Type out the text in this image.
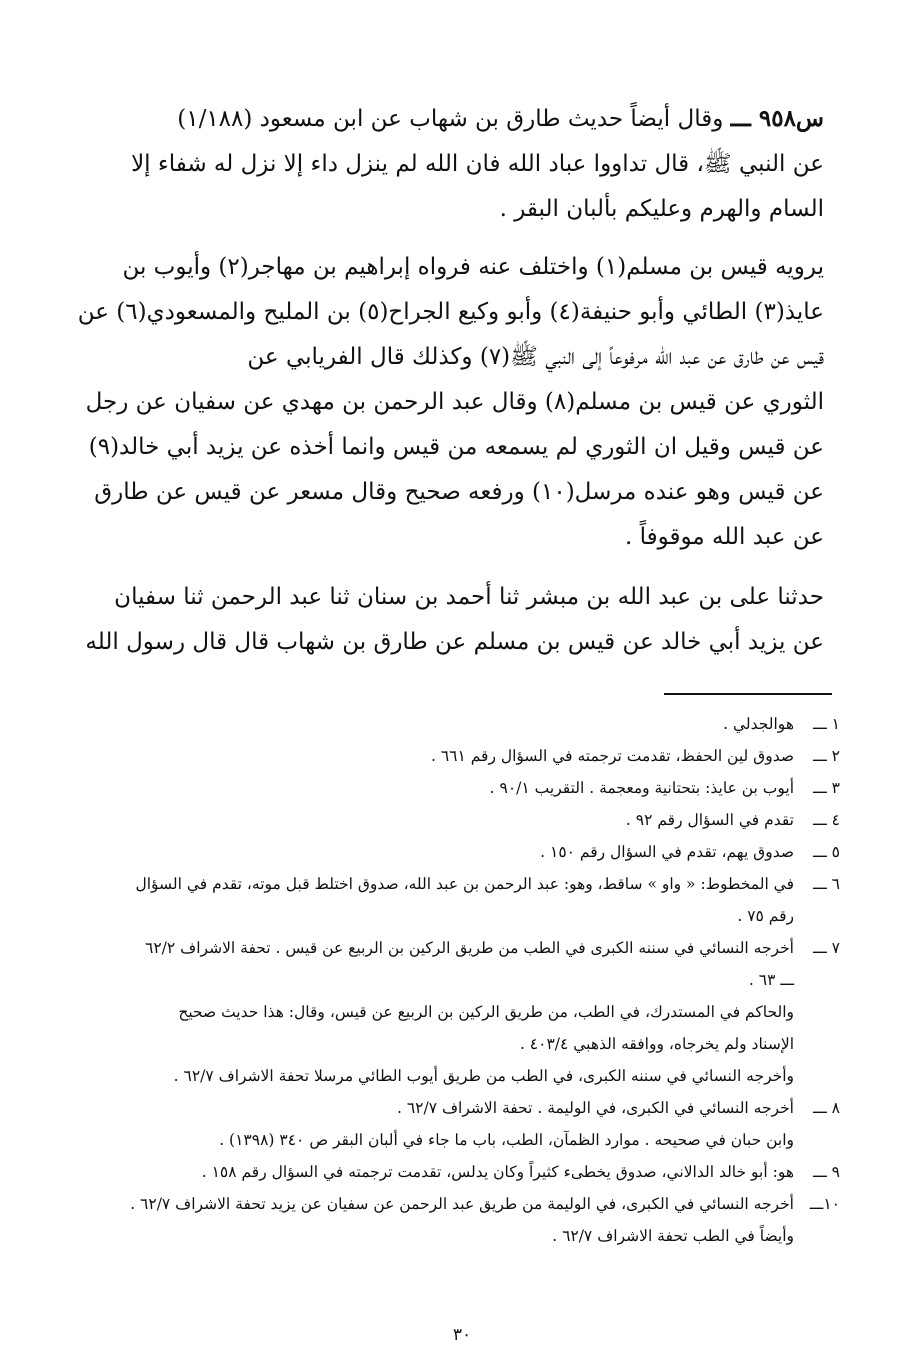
س٩٥٨ ـــ وقال أيضاً حديث طارق بن شهاب عن ابن مسعود (١/١٨٨)
عن النبي ﷺ، قال تداووا عباد الله فان الله لم ينزل داء إلا نزل له شفاء إلا
السام والهرم وعليكم بألبان البقر .
يرويه قيس بن مسلم(١) واختلف عنه فرواه إبراهيم بن مهاجر(٢) وأيوب بن
عايذ(٣) الطائي وأبو حنيفة(٤) وأبو وكيع الجراح(٥) بن المليح والمسعودي(٦) عن
قيس عن طارق عن عبد الله مرفوعاً إلى النبي ﷺ(٧) وكذلك قال الفريابي عن
الثوري عن قيس بن مسلم(٨) وقال عبد الرحمن بن مهدي عن سفيان عن رجل
عن قيس وقيل ان الثوري لم يسمعه من قيس وانما أخذه عن يزيد أبي خالد(٩)
عن قيس وهو عنده مرسل(١٠) ورفعه صحيح وقال مسعر عن قيس عن طارق
عن عبد الله موقوفاً .
حدثنا على بن عبد الله بن مبشر ثنا أحمد بن سنان ثنا عبد الرحمن ثنا سفيان
عن يزيد أبي خالد عن قيس بن مسلم عن طارق بن شهاب قال قال رسول الله
١ ـــ
هوالجدلي .
٢ ـــ
صدوق لين الحفظ، تقدمت ترجمته في السؤال رقم ٦٦١ .
٣ ـــ
أيوب بن عايذ: بتحتانية ومعجمة . التقريب ٩٠/١ .
٤ ـــ
تقدم في السؤال رقم ٩٢ .
٥ ـــ
صدوق يهم، تقدم في السؤال رقم ١٥٠ .
٦ ـــ
في المخطوط: « واو » ساقط، وهو: عبد الرحمن بن عبد الله، صدوق اختلط قبل موته، تقدم في السؤال
رقم ٧٥ .
٧ ـــ
أخرجه النسائي في سننه الكبرى في الطب من طريق الركين بن الربيع عن قيس . تحفة الاشراف ٦٢/٢
ـــ ٦٣ .
والحاكم في المستدرك، في الطب، من طريق الركين بن الربيع عن قيس، وقال: هذا حديث صحيح
الإسناد ولم يخرجاه، ووافقه الذهبي ٤٠٣/٤ .
وأخرجه النسائي في سننه الكبرى، في الطب من طريق أيوب الطائي مرسلا تحفة الاشراف ٦٢/٧ .
٨ ـــ
أخرجه النسائي في الكبرى، في الوليمة . تحفة الاشراف ٦٢/٧ .
وابن حبان في صحيحه . موارد الظمآن، الطب، باب ما جاء في ألبان البقر ص ٣٤٠ (١٣٩٨) .
٩ ـــ
هو: أبو خالد الدالاني، صدوق يخطىء كثيراً وكان يدلس، تقدمت ترجمته في السؤال رقم ١٥٨ .
١٠ـــ
أخرجه النسائي في الكبرى، في الوليمة من طريق عبد الرحمن عن سفيان عن يزيد تحفة الاشراف ٦٢/٧ .
وأيضاً في الطب تحفة الاشراف ٦٢/٧ .
٣٠
